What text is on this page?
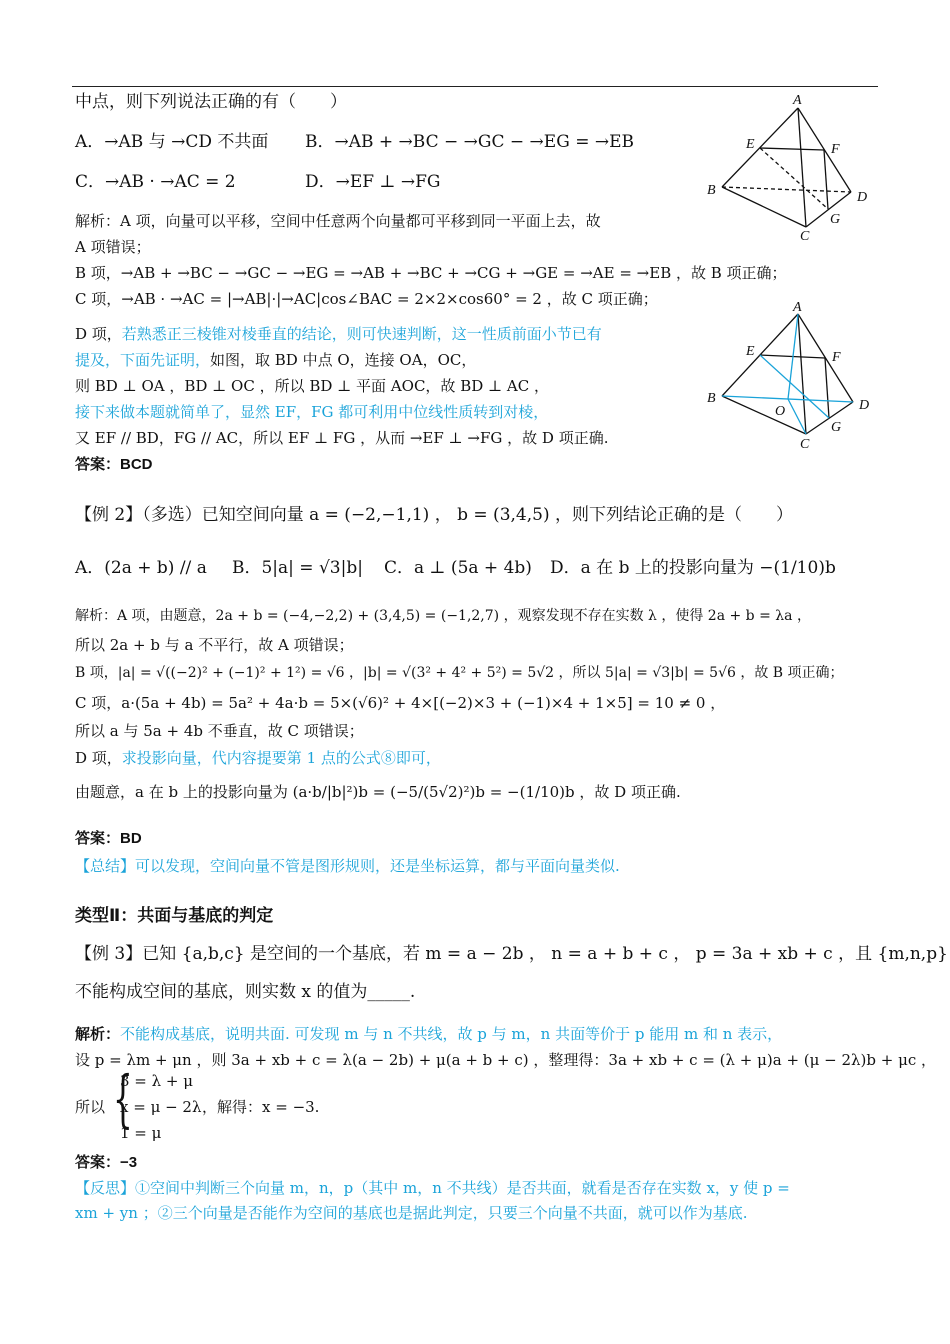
中点，则下列说法正确的有（　　）
A．→AB 与 →CD 不共面 B．→AB + →BC − →GC − →EG = →EB
C．→AB · →AC = 2	D．→EF ⊥ →FG
解析：A 项，向量可以平移，空间中任意两个向量都可平移到同一平面上去，故
A 项错误；
B 项，→AB + →BC − →GC − →EG = →AB + →BC + →CG + →GE = →AE = →EB ，故 B 项正确；
C 项，→AB · →AC = |→AB|·|→AC|cos∠BAC = 2×2×cos60° = 2 ，故 C 项正确；
D 项，若熟悉正三棱锥对棱垂直的结论，则可快速判断，这一性质前面小节已有
提及，下面先证明，如图，取 BD 中点 O，连接 OA，OC，
则 BD ⊥ OA ，BD ⊥ OC ，所以 BD ⊥ 平面 AOC，故 BD ⊥ AC ，
接下来做本题就简单了，显然 EF，FG 都可利用中位线性质转到对棱，
又 EF // BD，FG // AC，所以 EF ⊥ FG ，从而 →EF ⊥ →FG ，故 D 项正确.
答案：BCD
A
E	F
B	D
G
C
A
E	F
B	D
O
G
C
【例 2】（多选）已知空间向量 a = (−2,−1,1) ， b = (3,4,5) ，则下列结论正确的是（　　）
A．(2a + b) // a B．5|a| = √3|b| C．a ⊥ (5a + 4b) D．a 在 b 上的投影向量为 −(1/10)b
解析：A 项，由题意，2a + b = (−4,−2,2) + (3,4,5) = (−1,2,7) ，观察发现不存在实数 λ ，使得 2a + b = λa ，
所以 2a + b 与 a 不平行，故 A 项错误；
B 项，|a| = √((−2)² + (−1)² + 1²) = √6 ，|b| = √(3² + 4² + 5²) = 5√2 ，所以 5|a| = √3|b| = 5√6 ，故 B 项正确；
C 项，a·(5a + 4b) = 5a² + 4a·b = 5×(√6)² + 4×[(−2)×3 + (−1)×4 + 1×5] = 10 ≠ 0 ，
所以 a 与 5a + 4b 不垂直，故 C 项错误；
D 项，求投影向量，代内容提要第 1 点的公式⑧即可，
由题意，a 在 b 上的投影向量为 (a·b/|b|²)b = (−5/(5√2)²)b = −(1/10)b ，故 D 项正确.
答案：BD
【总结】可以发现，空间向量不管是图形规则，还是坐标运算，都与平面向量类似.
类型Ⅱ：共面与基底的判定
【例 3】已知 {a,b,c} 是空间的一个基底，若 m = a − 2b ， n = a + b + c ， p = 3a + xb + c ，且 {m,n,p}
不能构成空间的基底，则实数 x 的值为_____.
解析：不能构成基底，说明共面. 可发现 m 与 n 不共线，故 p 与 m，n 共面等价于 p 能用 m 和 n 表示，
设 p = λm + μn ，则 3a + xb + c = λ(a − 2b) + μ(a + b + c) ，整理得：3a + xb + c = (λ + μ)a + (μ − 2λ)b + μc ，
所以 {
3 = λ + μ
x = μ − 2λ
1 = μ
，解得：x = −3.
答案：−3
【反思】①空间中判断三个向量 m，n，p（其中 m，n 不共线）是否共面，就看是否存在实数 x，y 使 p =
xm + yn ；②三个向量是否能作为空间的基底也是据此判定，只要三个向量不共面，就可以作为基底.
